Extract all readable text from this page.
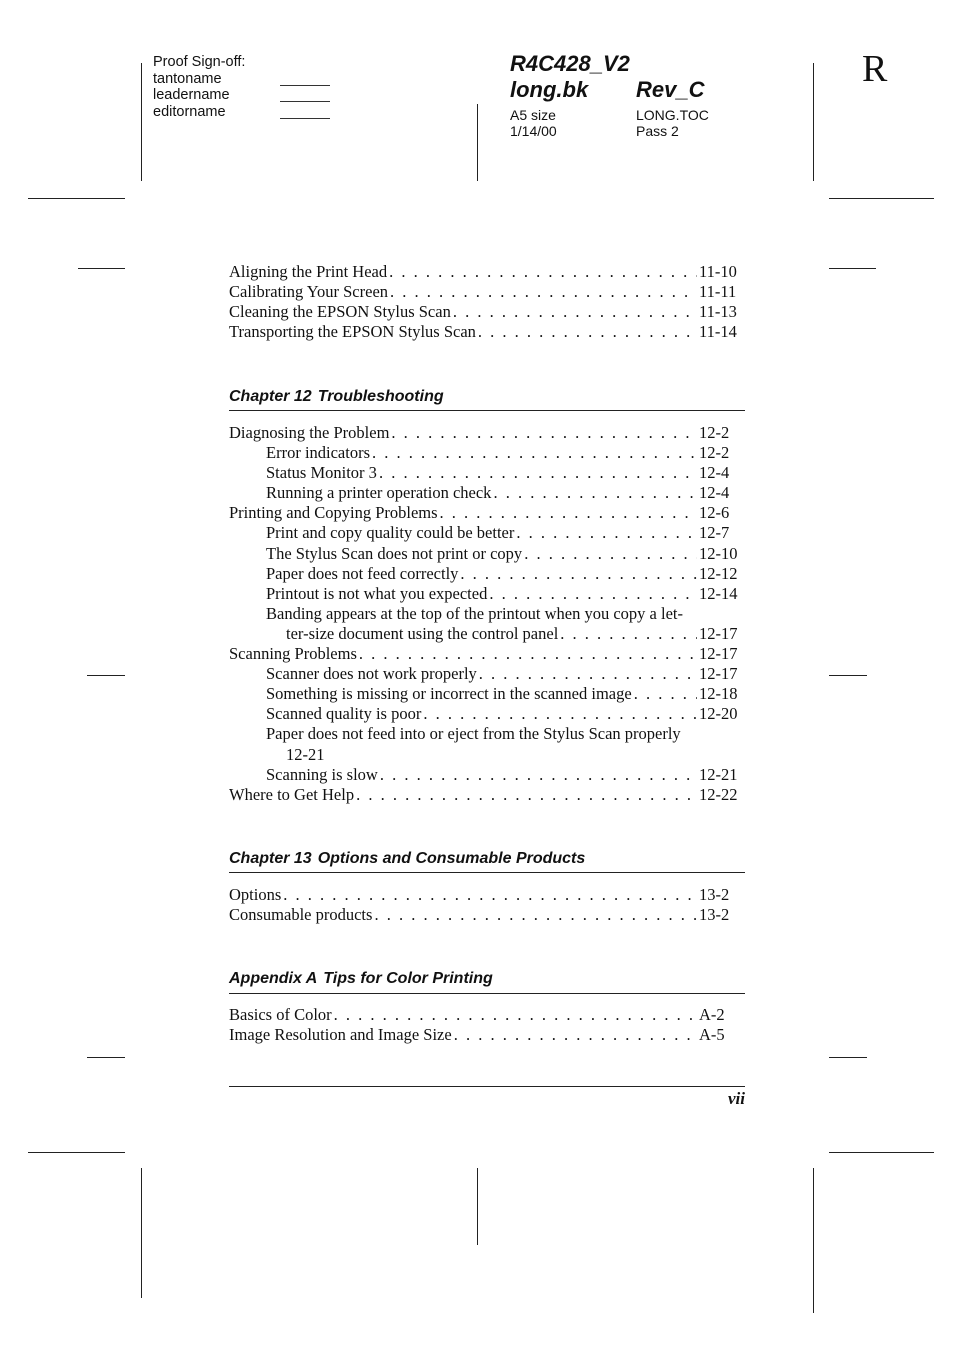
Proof Sign-off:
tantoname
leadername
editorname
R4C428_V2
long.bk Rev_C
A5 size	LONG.TOC
1/14/00	Pass 2
R
Aligning the Print Head . . .	11-10
Calibrating Your Screen . . .	11-11
Cleaning the EPSON Stylus Scan . . .	11-13
Transporting the EPSON Stylus Scan . . .	11-14
Chapter 12 Troubleshooting
Diagnosing the Problem . . .	12-2
Error indicators . . .	12-2
Status Monitor 3 . . .	12-4
Running a printer operation check . . .	12-4
Printing and Copying Problems . . .	12-6
Print and copy quality could be better . . .	12-7
The Stylus Scan does not print or copy . . .	12-10
Paper does not feed correctly . . .	12-12
Printout is not what you expected . . .	12-14
Banding appears at the top of the printout when you copy a let-
ter-size document using the control panel . . .	12-17
Scanning Problems . . .	12-17
Scanner does not work properly . . .	12-17
Something is missing or incorrect in the scanned image . . .	12-18
Scanned quality is poor . . .	12-20
Paper does not feed into or eject from the Stylus Scan properly
12-21
Scanning is slow . . .	12-21
Where to Get Help . . .	12-22
Chapter 13 Options and Consumable Products
Options . . .	13-2
Consumable products . . .	13-2
Appendix A Tips for Color Printing
Basics of Color . . .	A-2
Image Resolution and Image Size . . .	A-5
vii
